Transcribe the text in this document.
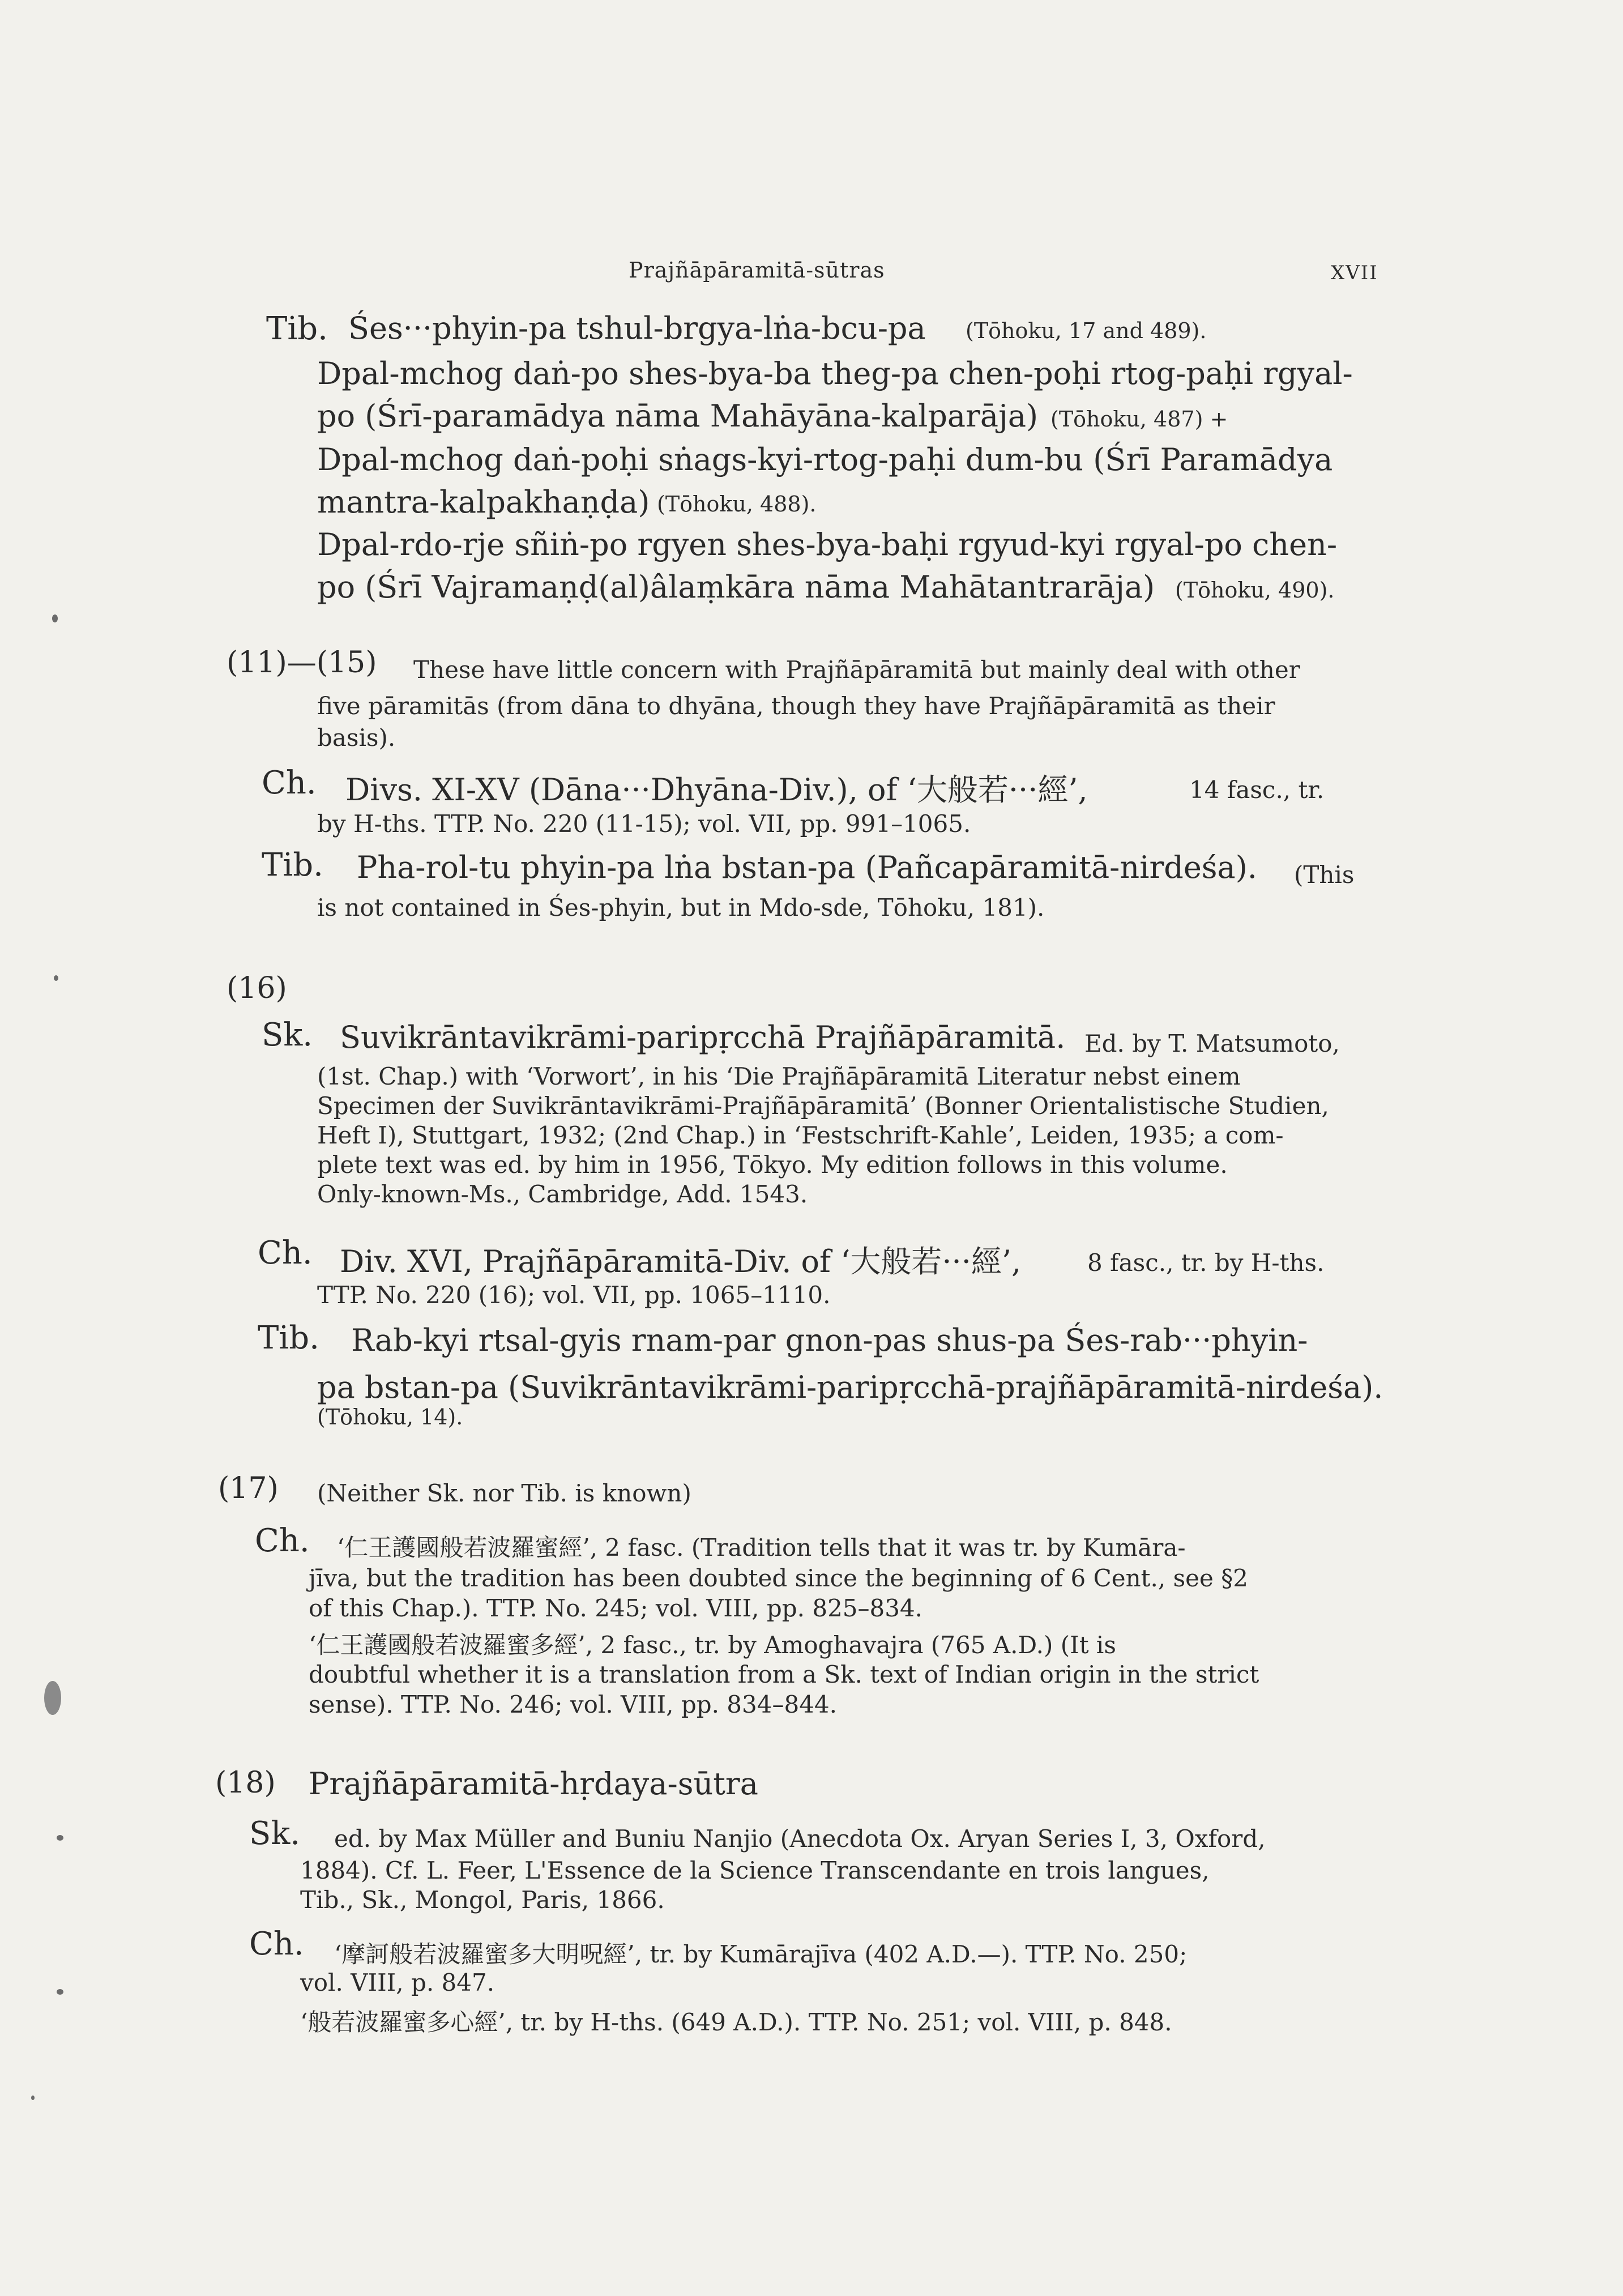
Prajñāpāramitā-sūtras	XVII
Tib. Śes···phyin-pa tshul-brgya-lṅa-bcu-pa (Tōhoku, 17 and 489).
Dpal-mchog daṅ-po shes-bya-ba theg-pa chen-poḥi rtog-paḥi rgyal-
po (Śrī-paramādya nāma Mahāyāna-kalparāja) (Tōhoku, 487) +
Dpal-mchog daṅ-poḥi sṅags-kyi-rtog-paḥi dum-bu (Śrī Paramādya
mantra-kalpakhaṇḍa) (Tōhoku, 488).
Dpal-rdo-rje sñiṅ-po rgyen shes-bya-baḥi rgyud-kyi rgyal-po chen-
po (Śrī Vajramaṇḍ(al)âlaṃkāra nāma Mahātantrarāja) (Tōhoku, 490).
(11)—(15) These have little concern with Prajñāpāramitā but mainly deal with other
five pāramitās (from dāna to dhyāna, though they have Prajñāpāramitā as their
basis).
Ch. Divs. XI-XV (Dāna···Dhyāna-Div.), of ‘大般若···經’,	14 fasc., tr.
by H-ths. TTP. No. 220 (11-15); vol. VII, pp. 991–1065.
Tib. Pha-rol-tu phyin-pa lṅa bstan-pa (Pañcapāramitā-nirdeśa). (This
is not contained in Śes-phyin, but in Mdo-sde, Tōhoku, 181).
(16)
Sk. Suvikrāntavikrāmi-paripṛcchā Prajñāpāramitā. Ed. by T. Matsumoto,
(1st. Chap.) with ‘Vorwort’, in his ‘Die Prajñāpāramitā Literatur nebst einem
Specimen der Suvikrāntavikrāmi-Prajñāpāramitā’ (Bonner Orientalistische Studien,
Heft I), Stuttgart, 1932; (2nd Chap.) in ‘Festschrift-Kahle’, Leiden, 1935; a com-
plete text was ed. by him in 1956, Tōkyo. My edition follows in this volume.
Only-known-Ms., Cambridge, Add. 1543.
Ch. Div. XVI, Prajñāpāramitā-Div. of ‘大般若···經’,	8 fasc., tr. by H-ths.
TTP. No. 220 (16); vol. VII, pp. 1065–1110.
Tib. Rab-kyi rtsal-gyis rnam-par gnon-pas shus-pa Śes-rab···phyin-
pa bstan-pa (Suvikrāntavikrāmi-paripṛcchā-prajñāpāramitā-nirdeśa).
(Tōhoku, 14).
(17) (Neither Sk. nor Tib. is known)
Ch. ‘仁王護國般若波羅蜜經’, 2 fasc. (Tradition tells that it was tr. by Kumāra-
jīva, but the tradition has been doubted since the beginning of 6 Cent., see §2
of this Chap.). TTP. No. 245; vol. VIII, pp. 825–834.
‘仁王護國般若波羅蜜多經’, 2 fasc., tr. by Amoghavajra (765 A.D.) (It is
doubtful whether it is a translation from a Sk. text of Indian origin in the strict
sense). TTP. No. 246; vol. VIII, pp. 834–844.
(18) Prajñāpāramitā-hṛdaya-sūtra
Sk. ed. by Max Müller and Buniu Nanjio (Anecdota Ox. Aryan Series I, 3, Oxford,
1884). Cf. L. Feer, L'Essence de la Science Transcendante en trois langues,
Tib., Sk., Mongol, Paris, 1866.
Ch. ‘摩訶般若波羅蜜多大明呪經’, tr. by Kumārajīva (402 A.D.—). TTP. No. 250;
vol. VIII, p. 847.
‘般若波羅蜜多心經’, tr. by H-ths. (649 A.D.). TTP. No. 251; vol. VIII, p. 848.
